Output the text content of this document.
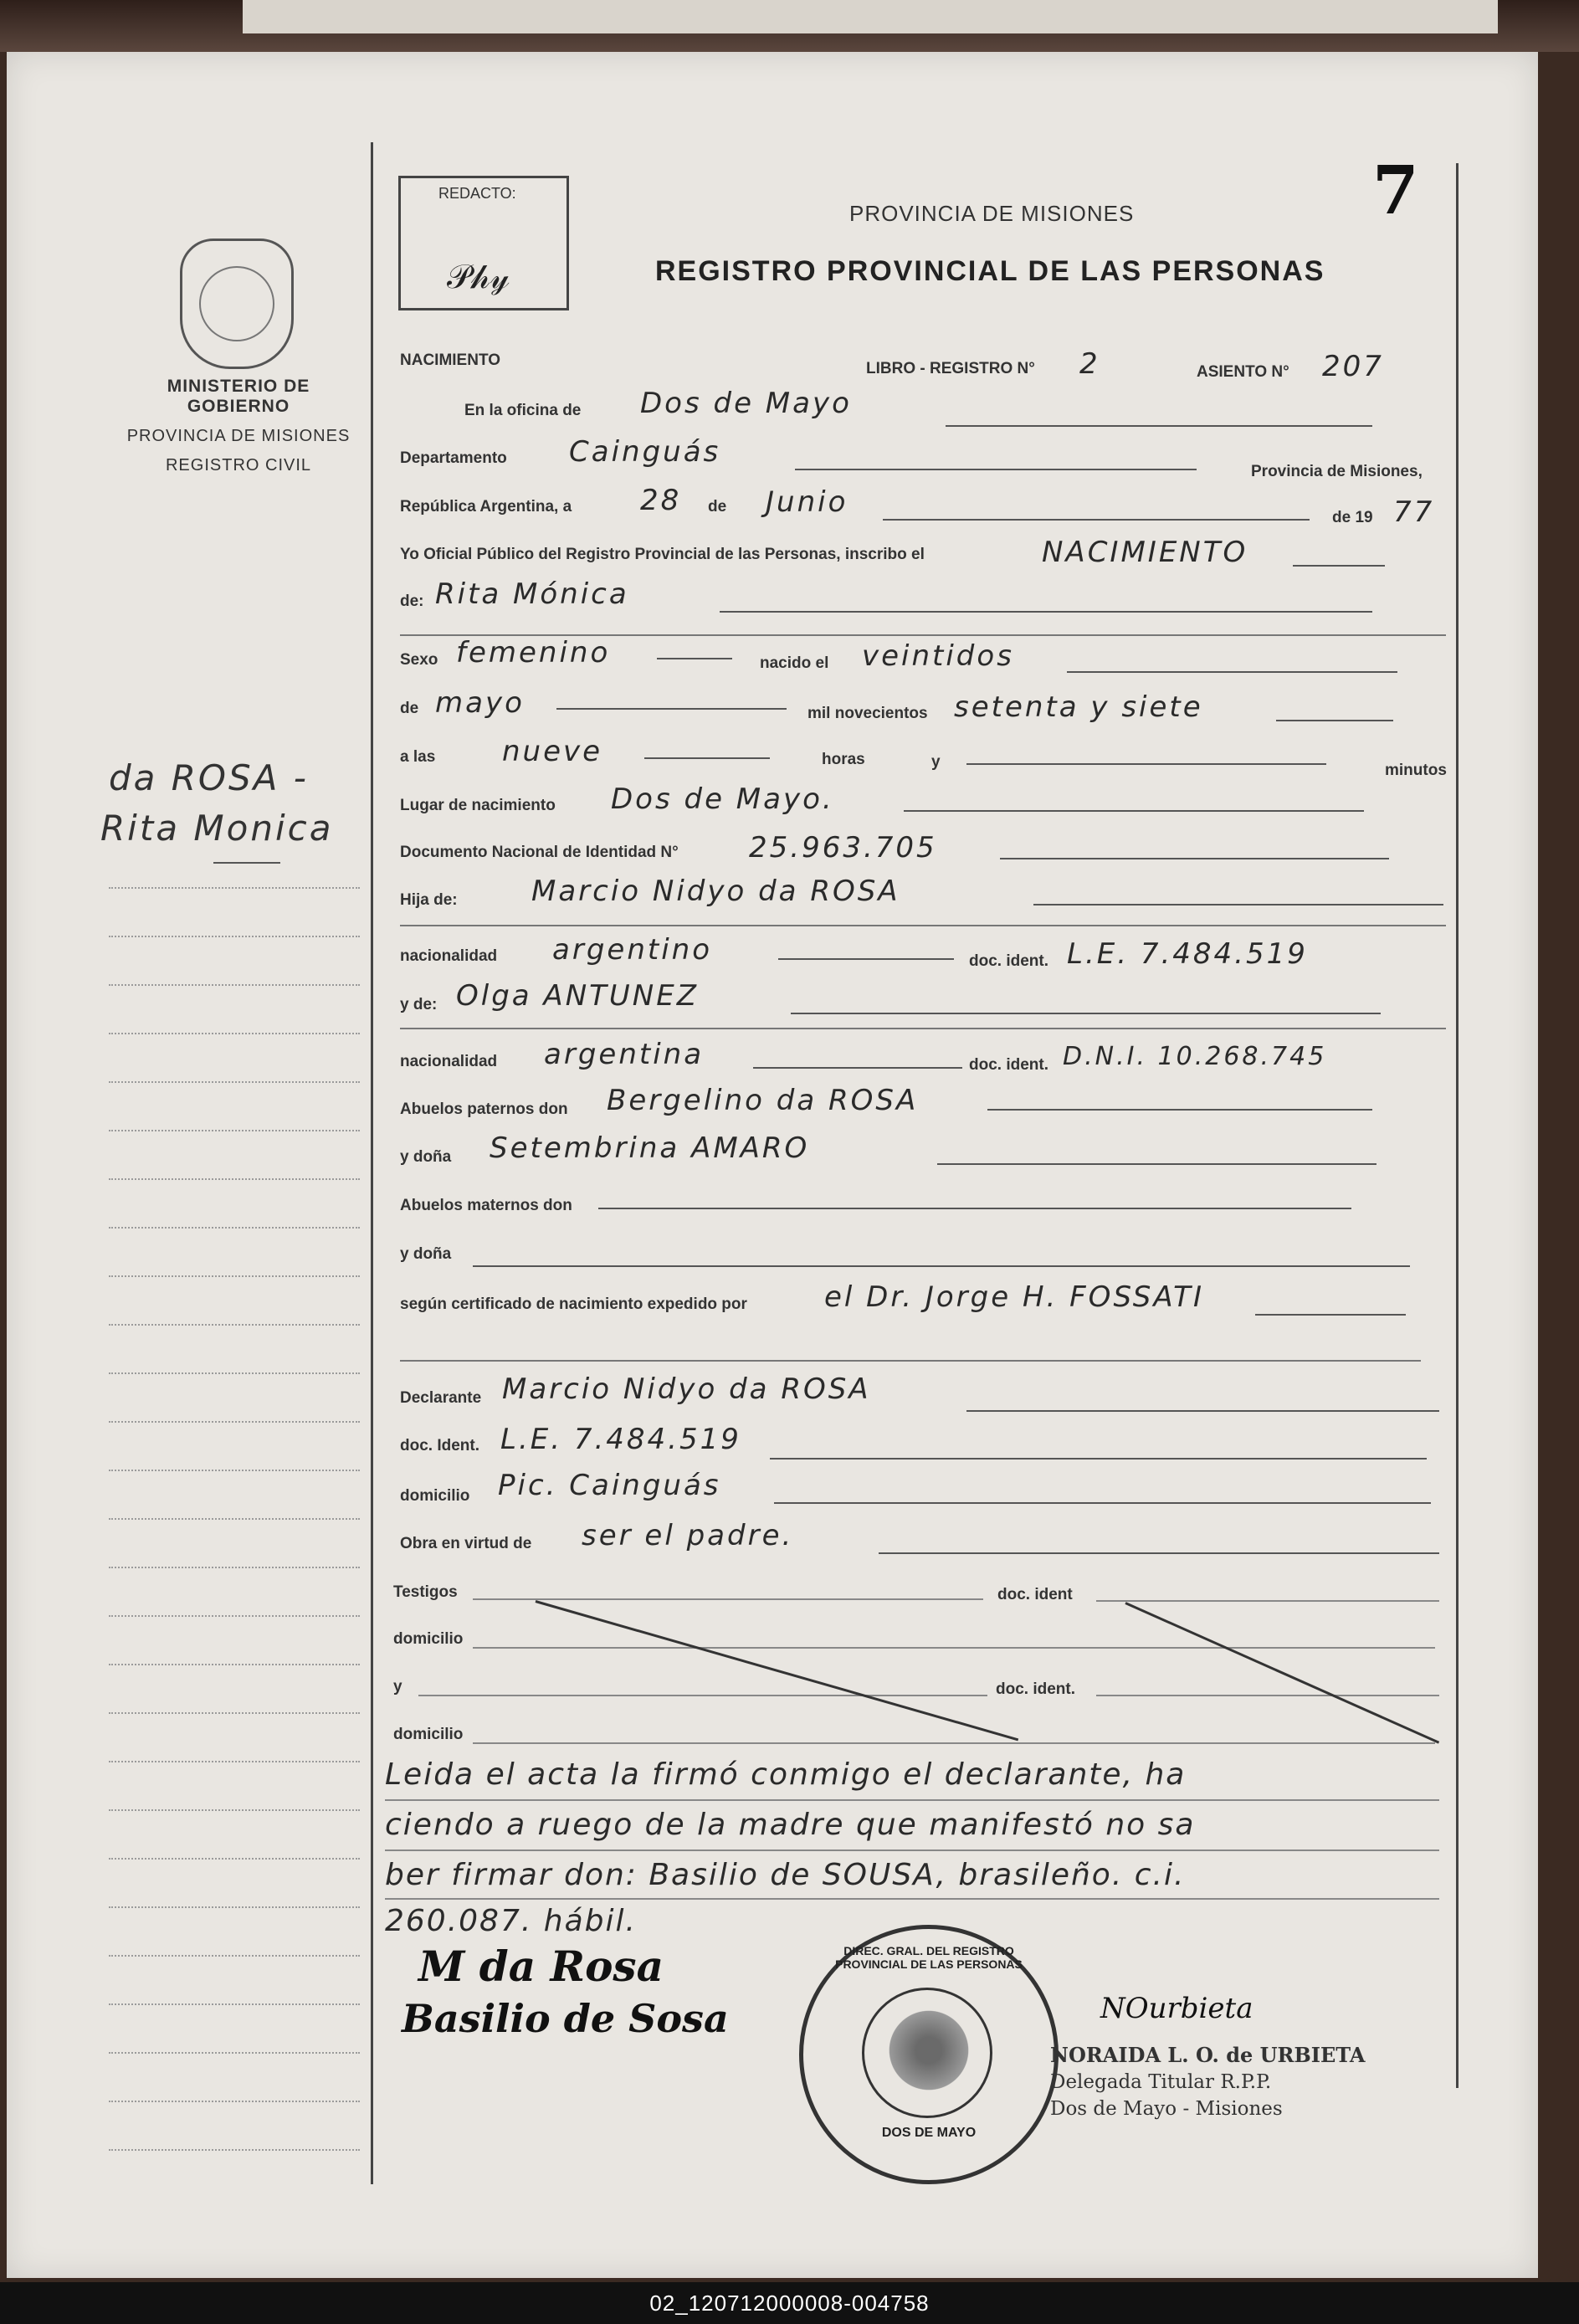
7
REDACTO:
𝒫𝒽𝓎
PROVINCIA DE MISIONES
REGISTRO PROVINCIAL DE LAS PERSONAS
MINISTERIO DE GOBIERNO
PROVINCIA DE MISIONES
REGISTRO CIVIL
da ROSA -
Rita Monica
NACIMIENTO	LIBRO - REGISTRO N° 2	ASIENTO N° 207
En la oficina de Dos de Mayo
Departamento Cainguás
Provincia de Misiones,
República Argentina, a 28 de Junio	de 19 77
Yo Oficial Público del Registro Provincial de las Personas, inscribo el	NACIMIENTO
de: Rita Mónica
Sexo femenino	nacido el veintidos
de mayo	mil novecientos setenta y siete
a las nueve	horas	y	minutos
Lugar de nacimiento Dos de Mayo.
Documento Nacional de Identidad N° 25.963.705
Hija de:	Marcio Nidyo da ROSA
nacionalidad argentino	doc. ident. L.E. 7.484.519
y de: Olga ANTUNEZ
nacionalidad argentina	doc. ident. D.N.I. 10.268.745
Abuelos paternos don Bergelino da ROSA
y doña Setembrina AMARO
Abuelos maternos don
y doña
según certificado de nacimiento expedido por	el Dr. Jorge H. FOSSATI
Declarante Marcio Nidyo da ROSA
doc. Ident. L.E. 7.484.519
domicilio Pic. Cainguás
Obra en virtud de ser el padre.
Testigos	doc. ident
domicilio
y	doc. ident.
domicilio
Leida el acta la firmó conmigo el declarante, ha
ciendo a ruego de la madre que manifestó no sa
ber firmar don: Basilio de SOUSA, brasileño. c.i.
260.087. hábil.
M da Rosa
Basilio de Sosa	NOurbieta
DIREC. GRAL. DEL REGISTRO PROVINCIAL DE LAS PERSONAS
DOS DE MAYO
NORAIDA L. O. de URBIETA
Delegada Titular R.P.P.
Dos de Mayo - Misiones
02_120712000008-004758
